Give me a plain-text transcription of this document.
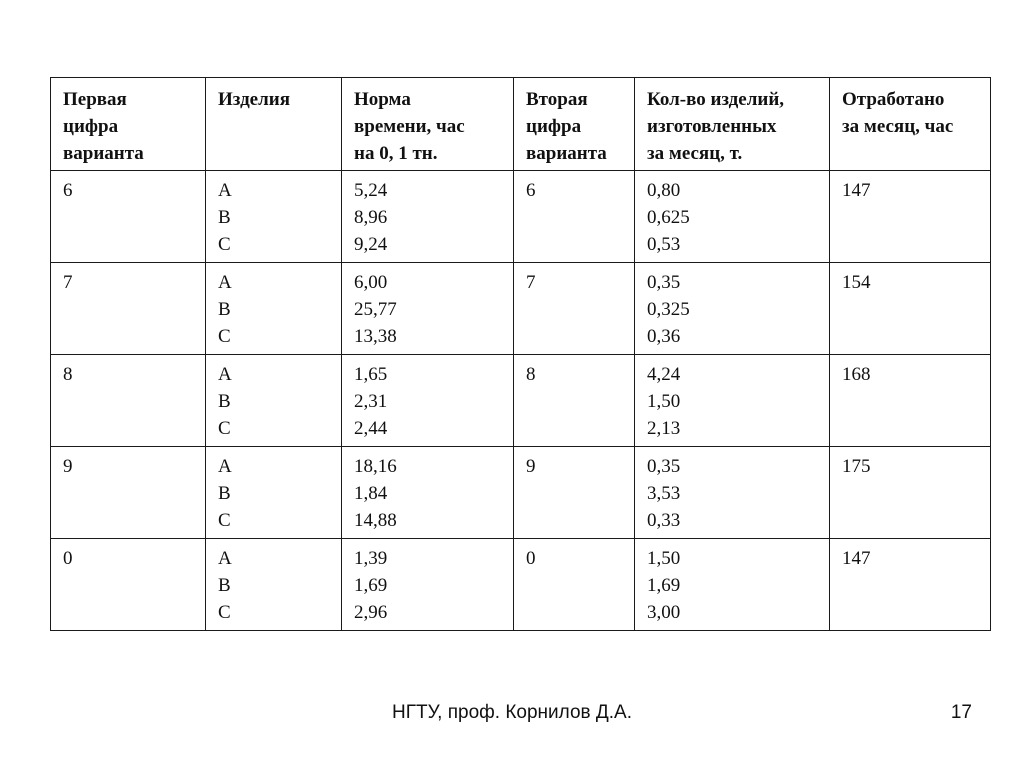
Первая
цифра
варианта	Изделия	Норма
времени, час
на 0, 1 тн.	Вторая
цифра
варианта	Кол-во изделий,
изготовленных
за месяц, т.	Отработано
за месяц, час

6	A
B
C	5,24
8,96
9,24	6	0,80
0,625
0,53	147

7	A
B
C	6,00
25,77
13,38	7	0,35
0,325
0,36	154

8	A
B
C	1,65
2,31
2,44	8	4,24
1,50
2,13	168

9	A
B
C	18,16
1,84
14,88	9	0,35
3,53
0,33	175

0	A
B
C	1,39
1,69
2,96	0	1,50
1,69
3,00	147
НГТУ, проф. Корнилов Д.А.	17
